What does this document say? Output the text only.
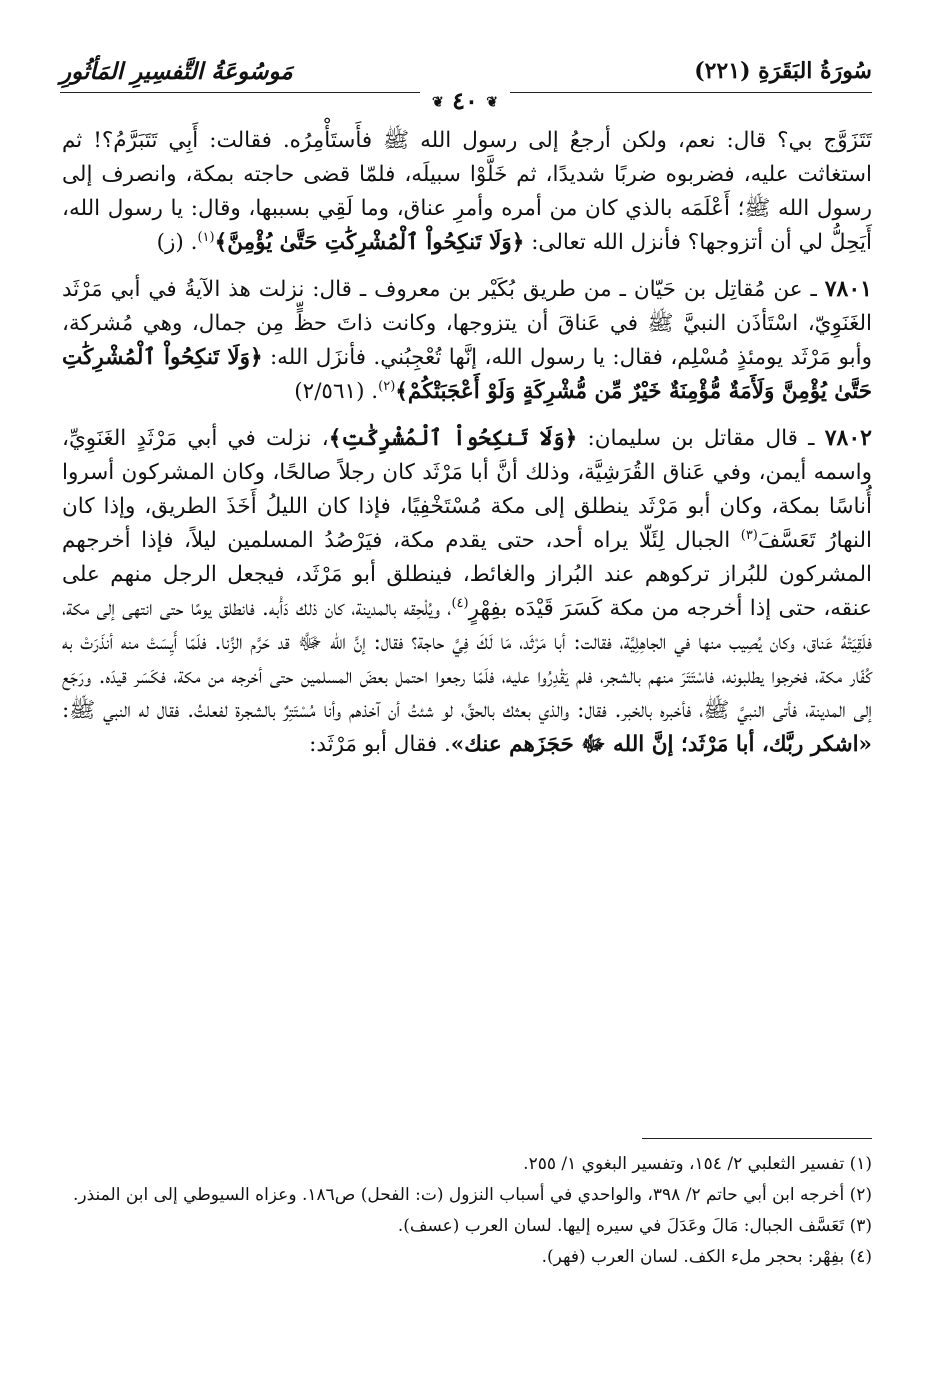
سُورَةُ البَقَرَةِ (٢٢١)
مَوسُوعَةُ التَّفسِيرِ المَأثُورِ
❦ ٤٠ ❦

تَتَزَوَّج بي؟ قال: نعم، ولكن أرجعُ إلى رسول الله ﷺ فأَستَأْمِرُه. فقالت: أَبِي تَتَبَرَّمُ؟! ثم استغاثت عليه، فضربوه ضربًا شديدًا، ثم خَلَّوْا سبيلَه، فلمّا قضى حاجته بمكة، وانصرف إلى رسول الله ﷺ؛ أَعْلَمَه بالذي كان من أمره وأمرِ عناق، وما لَقِي بسببها، وقال: يا رسول الله، أَيَحِلُّ لي أن أتزوجها؟ فأنزل الله تعالى: ﴿وَلَا تَنكِحُواْ ٱلْمُشْرِكَٰتِ حَتَّىٰ يُؤْمِنَّ﴾$^{(١)}$. (ز)

٧٨٠١ ـ عن مُقاتِل بن حَيّان ـ من طريق بُكَيْر بن معروف ـ قال: نزلت هذ الآيةُ في أبي مَرْثَد الغَنَوِيّ، اسْتَأذَن النبيَّ ﷺ في عَناقَ أن يتزوجها، وكانت ذاتَ حظٍّ مِن جمال، وهي مُشركة، وأبو مَرْثَد يومئذٍ مُسْلِم، فقال: يا رسول الله، إنَّها تُعْجِبُني. فأنزَل الله: ﴿وَلَا تَنكِحُواْ ٱلْمُشْرِكَٰتِ حَتَّىٰ يُؤْمِنَّ وَلَأَمَةٌ مُّؤْمِنَةٌ خَيْرٌ مِّن مُّشْرِكَةٍ وَلَوْ أَعْجَبَتْكُمْ﴾$^{(٢)}$. (٢/٥٦١)

٧٨٠٢ ـ قال مقاتل بن سليمان: ﴿وَلَا تَنكِحُواْ ٱلْمُشْرِكَٰتِ﴾، نزلت في أبي مَرْثَدٍ الغَنَوِيِّ، واسمه أيمن، وفي عَناق القُرَشِيَّة، وذلك أنَّ أبا مَرْثَد كان رجلاً صالحًا، وكان المشركون أسروا أُناسًا بمكة، وكان أبو مَرْثَد ينطلق إلى مكة مُسْتَخْفِيًا، فإذا كان الليلُ أَخَذَ الطريق، وإذا كان النهارُ تَعَسَّفَ$^{(٣)}$ الجبال لِئَلّا يراه أحد، حتى يقدم مكة، فيَرْصُدُ المسلمين ليلاً، فإذا أخرجهم المشركون للبُراز تركوهم عند البُراز والغائط، فينطلق أبو مَرْثَد، فيجعل الرجل منهم على عنقه، حتى إذا أخرجه من مكة كَسَرَ قَيْدَه بفِهْرٍ$^{(٤)}$، ويُلْحِقه بالمدينة، كان ذلك دَأْبه. فانطلق يومًا حتى انتهى إلى مكة، فلَقِيَتْهُ عَناق، وكان يُصِيب منها في الجاهِلِيَّة، فقالت: أبا مَرْثَد، مَا لَكَ فِيَّ حاجة؟ فقال: إنَّ الله ﷻ قد حَرَّم الزِّنا. فلَمّا أَيِسَتْ منه أنذَرَتْ به كُفّار مكة، فخرجوا يطلبونه، فاسْتَتَرَ منهم بالشجر، فلم يَقْدِرُوا عليه، فلَمّا رجعوا احتمل بعضَ المسلمين حتى أخرجه من مكة، فكَسَر قيدَه. ورَجَع إلى المدينة، فأتى النبيَّ ﷺ، فأخبره بالخبر. فقال: والذي بعثك بالحقِّ، لو شئتُ أن آخذهم وأنا مُسْتَتِرٌ بالشجرة لفعلتُ. فقال له النبي ﷺ: «اشكر ربَّك، أبا مَرْثَد؛ إنَّ الله ﷻ حَجَزَهم عنك». فقال أبو مَرْثَد:

(١) تفسير الثعلبي ٢/ ١٥٤، وتفسير البغوي ١/ ٢٥٥.
(٢) أخرجه ابن أبي حاتم ٢/ ٣٩٨، والواحدي في أسباب النزول (ت: الفحل) ص١٨٦. وعزاه السيوطي إلى ابن المنذر.
(٣) تَعَسَّف الجبال: مَالَ وعَدَلَ في سيره إليها. لسان العرب (عسف).
(٤) بفِهْر: بحجر ملء الكف. لسان العرب (فهر).
